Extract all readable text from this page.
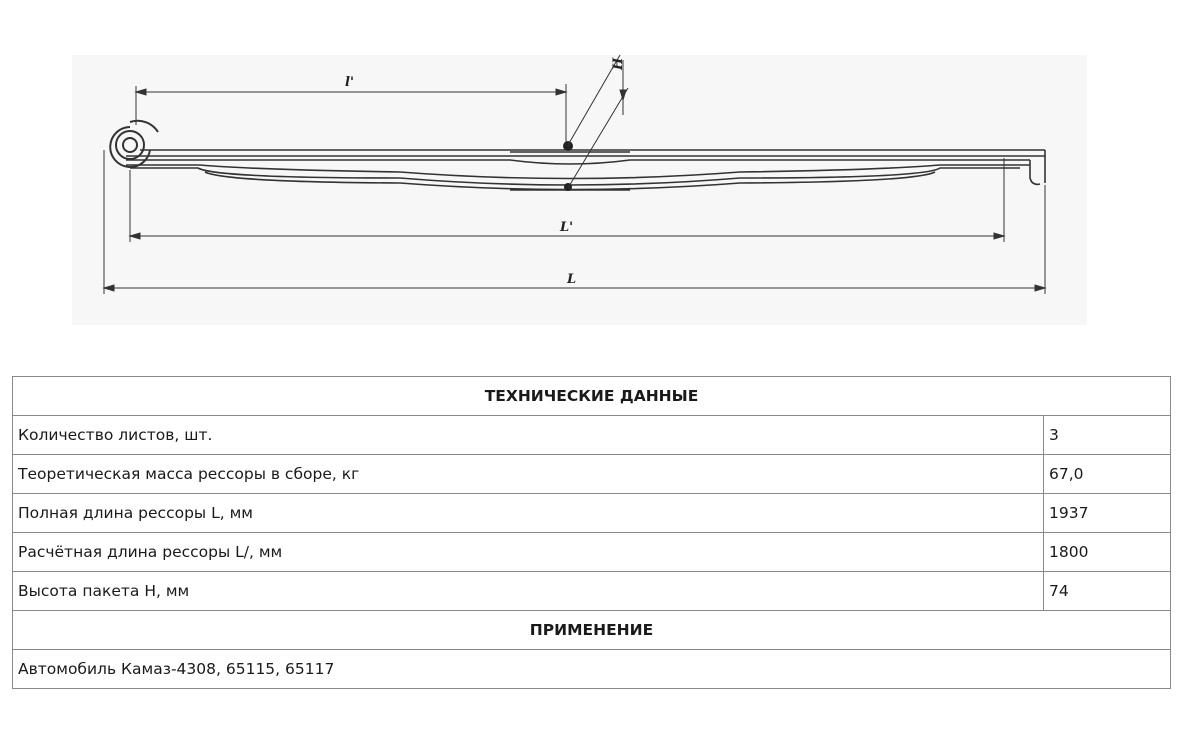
l'
H
L'
L
ТЕХНИЧЕСКИЕ ДАННЫЕ	
Количество листов, шт.	3
Теоретическая масса рессоры в сборе, кг	67,0
Полная длина рессоры L, мм	1937
Расчётная длина рессоры L/, мм	1800
Высота пакета H, мм	74
ПРИМЕНЕНИЕ	
Автомобиль Камаз-4308, 65115, 65117	
